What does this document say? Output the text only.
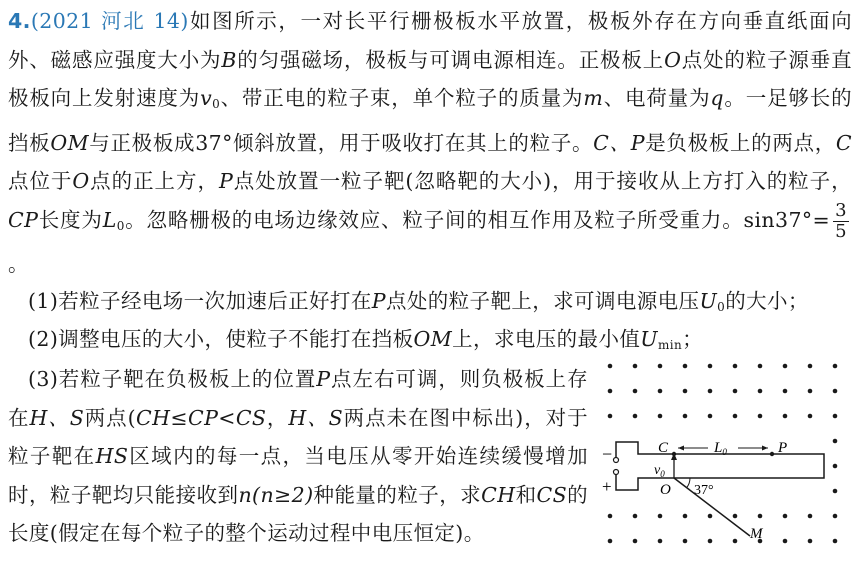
4.(2021 河北 14)如图所示，一对长平行栅极板水平放置，极板外存在方向垂直纸面向外、磁感应强度大小为B的匀强磁场，极板与可调电源相连。正极板上O点处的粒子源垂直极板向上发射速度为$v_0$、带正电的粒子束，单个粒子的质量为m、电荷量为q。一足够长的挡板OM与正极板成37°倾斜放置，用于吸收打在其上的粒子。C、P是负极板上的两点，C点位于O点的正上方，P点处放置一粒子靶(忽略靶的大小)，用于接收从上方打入的粒子，CP长度为$L_0$。忽略栅极的电场边缘效应、粒子间的相互作用及粒子所受重力。$\sin 37^\circ= \frac{3}{5}$
。
(1)若粒子经电场一次加速后正好打在P点处的粒子靶上，求可调电源电压$U_0$的大小；
(2)调整电压的大小，使粒子不能打在挡板OM上，求电压的最小值$U_{min}$；
(3)若粒子靶在负极板上的位置P点左右可调，则负极板上存在H、S两点(CH≤CP<CS，H、S两点未在图中标出)，对于粒子靶在HS区域内的每一点，当电压从零开始连续缓慢增加时，粒子靶均只能接收到n(n≥2)种能量的粒子，求CH和CS的长度(假定在每个粒子的整个运动过程中电压恒定)。
−
+	37°
$v_0$
C	P
O
M
$L_0$
